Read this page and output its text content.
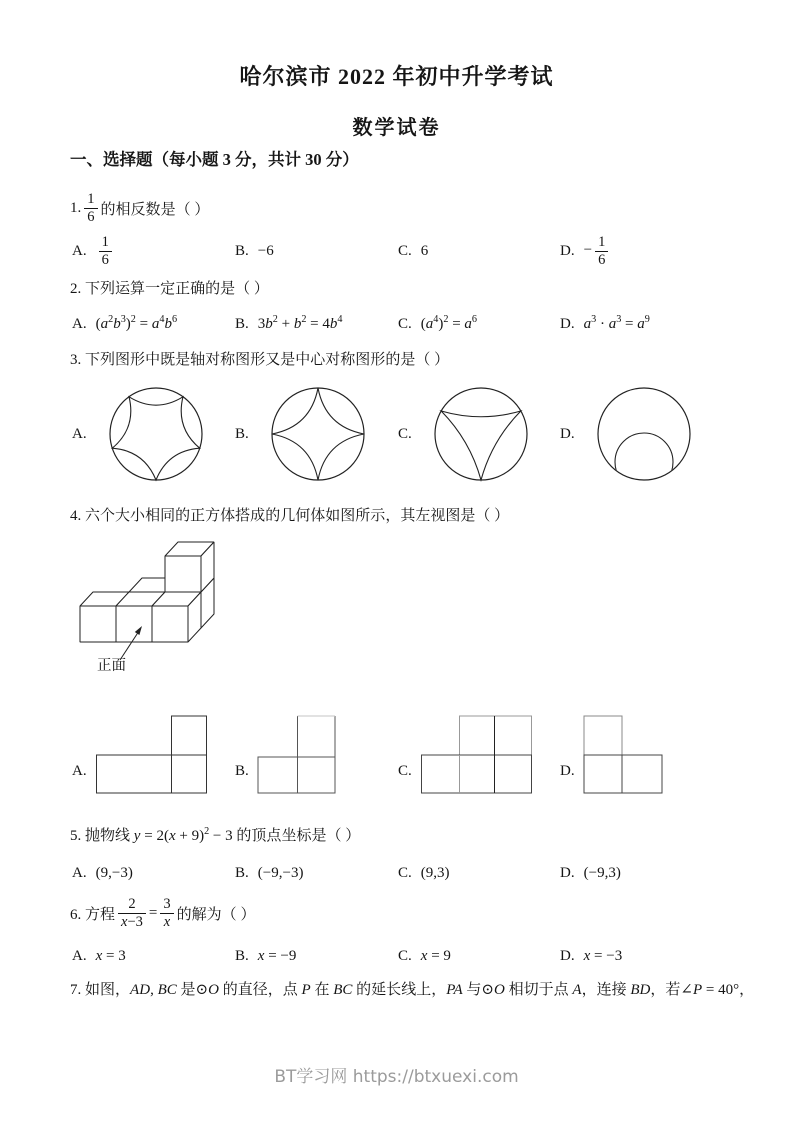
哈尔滨市 2022 年初中升学考试
数学试卷
一、选择题（每小题 3 分，共计 30 分）
1. $\frac{1}{6}$ 的相反数是（ ）
A. $\frac{1}{6}$	B. −6	C. 6	D. − $\frac{1}{6}$
2. 下列运算一定正确的是（ ）
A. $(a^2b^3)^2 = a^4b^6$	B. $3b^2 + b^2 = 4b^4$	C. $(a^4)^2 = a^6$	D. $a^3 \cdot a^3 = a^9$
3. 下列图形中既是轴对称图形又是中心对称图形的是（ ）
A.	B.	C.	D.
4. 六个大小相同的正方体搭成的几何体如图所示，其左视图是（ ）
正面
A.	B.	C.	D.
5. 抛物线 $y = 2(x + 9)^2 - 3$ 的顶点坐标是（ ）
A. (9,−3)	B. (−9,−3)	C. (9,3)	D. (−9,3)
6. 方程 $\frac{2}{x-3} = \frac{3}{x}$ 的解为（ ）
A. x = 3	B. x = −9	C. x = 9	D. x = −3
7. 如图，AD, BC 是⊙O 的直径，点 P 在 BC 的延长线上，PA 与⊙O 相切于点 A，连接 BD，若∠P = 40°，
BT学习网 https://btxuexi.com
